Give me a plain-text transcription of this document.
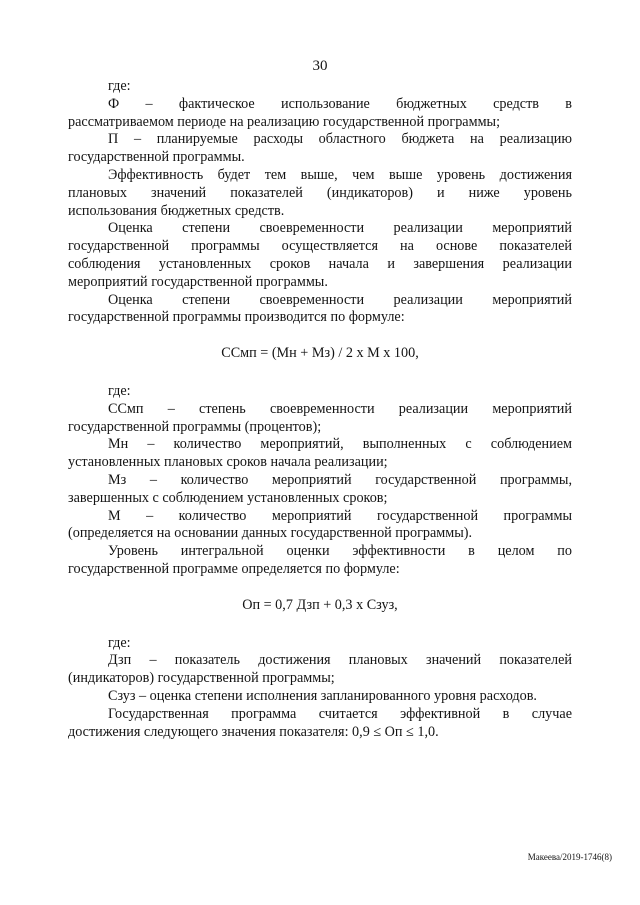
30
где:
Ф – фактическое использование бюджетных средств в
рассматриваемом периоде на реализацию государственной программы;
П – планируемые расходы областного бюджета на реализацию
государственной программы.
Эффективность будет тем выше, чем выше уровень достижения
плановых значений показателей (индикаторов) и ниже уровень
использования бюджетных средств.
Оценка степени своевременности реализации мероприятий
государственной программы осуществляется на основе показателей
соблюдения установленных сроков начала и завершения реализации
мероприятий государственной программы.
Оценка степени своевременности реализации мероприятий
государственной программы производится по формуле:
ССмп = (Мн + Мз) / 2 х М х 100,
где:
ССмп – степень своевременности реализации мероприятий
государственной программы (процентов);
Мн – количество мероприятий, выполненных с соблюдением
установленных плановых сроков начала реализации;
Мз – количество мероприятий государственной программы,
завершенных с соблюдением установленных сроков;
М – количество мероприятий государственной программы
(определяется на основании данных государственной программы).
Уровень интегральной оценки эффективности в целом по
государственной программе определяется по формуле:
Оп = 0,7 Дзп + 0,3 х Сзуз,
где:
Дзп – показатель достижения плановых значений показателей
(индикаторов) государственной программы;
Сзуз – оценка степени исполнения запланированного уровня расходов.
Государственная программа считается эффективной в случае
достижения следующего значения показателя: 0,9 ≤ Оп ≤ 1,0.
Макеева/2019-1746(8)
